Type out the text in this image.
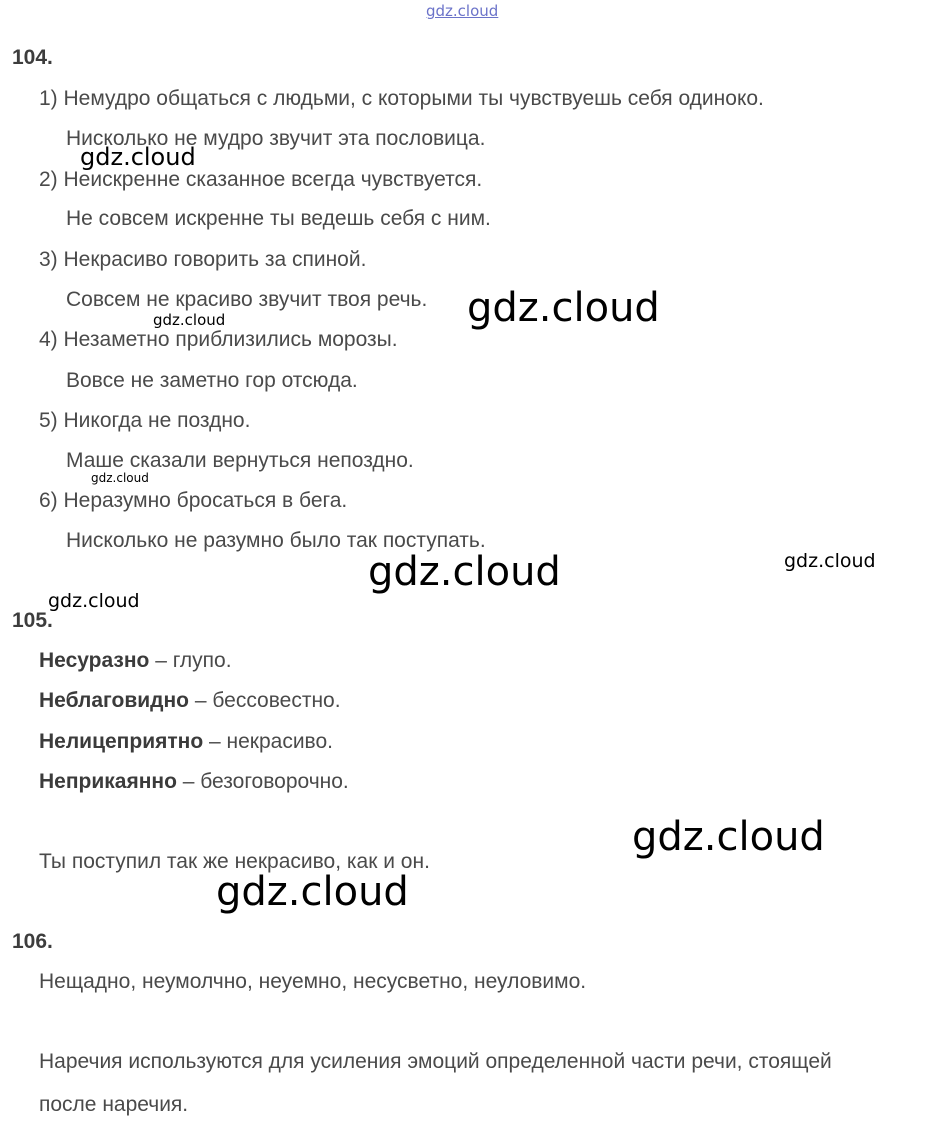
gdz.cloud
104.
1) Немудро общаться с людьми, с которыми ты чувствуешь себя одиноко.
Нисколько не мудро звучит эта пословица.
2) Неискренне сказанное всегда чувствуется.
Не совсем искренне ты ведешь себя с ним.
3) Некрасиво говорить за спиной.
Совсем не красиво звучит твоя речь.
4) Незаметно приблизились морозы.
Вовсе не заметно гор отсюда.
5) Никогда не поздно.
Маше сказали вернуться непоздно.
6) Неразумно бросаться в бега.
Нисколько не разумно было так поступать.
105.
Несуразно – глупо.
Неблаговидно – бессовестно.
Нелицеприятно – некрасиво.
Неприкаянно – безоговорочно.
Ты поступил так же некрасиво, как и он.
106.
Нещадно, неумолчно, неуемно, несусветно, неуловимо.
Наречия используются для усиления эмоций определенной части речи, стоящей
после наречия.
gdz.cloud
gdz.cloud
gdz.cloud
gdz.cloud
gdz.cloud	gdz.cloud
gdz.cloud
gdz.cloud
gdz.cloud
